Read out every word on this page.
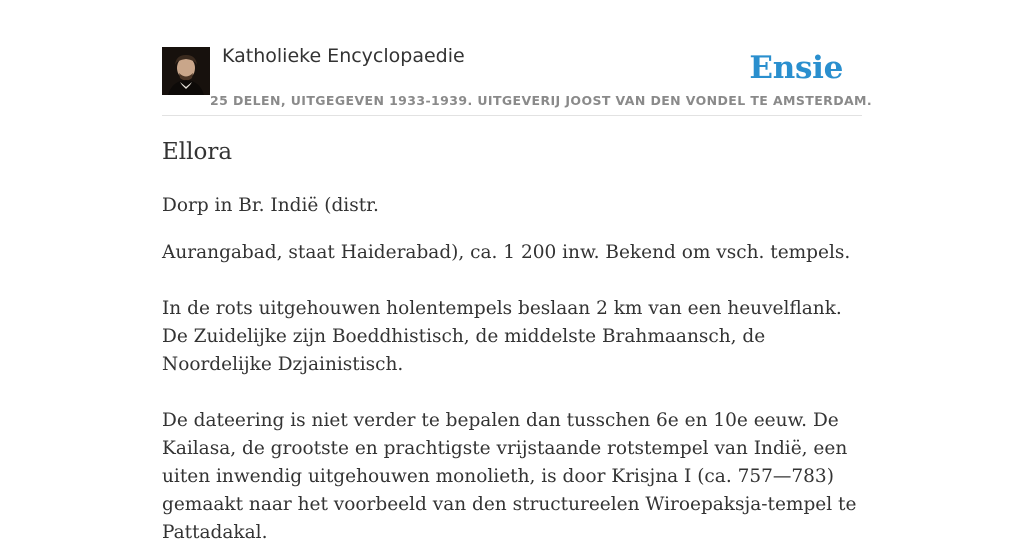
Katholieke Encyclopaedie
25 DELEN, UITGEGEVEN 1933-1939. UITGEVERIJ JOOST VAN DEN VONDEL TE AMSTERDAM.
Ensie
Ellora

Dorp in Br. Indië (distr.

Aurangabad, staat Haiderabad), ca. 1 200 inw. Bekend om vsch. tempels.

In de rots uitgehouwen holentempels beslaan 2 km van een heuvelflank. De Zuidelijke zijn Boeddhistisch, de middelste Brahmaansch, de Noordelijke Dzjainistisch.

De dateering is niet verder te bepalen dan tusschen 6e en 10e eeuw. De Kailasa, de grootste en prachtigste vrijstaande rotstempel van Indië, een uiten inwendig uitgehouwen monolieth, is door Krisjna I (ca. 757—783) gemaakt naar het voorbeeld van den structureelen Wiroepaksja-tempel te Pattadakal.
